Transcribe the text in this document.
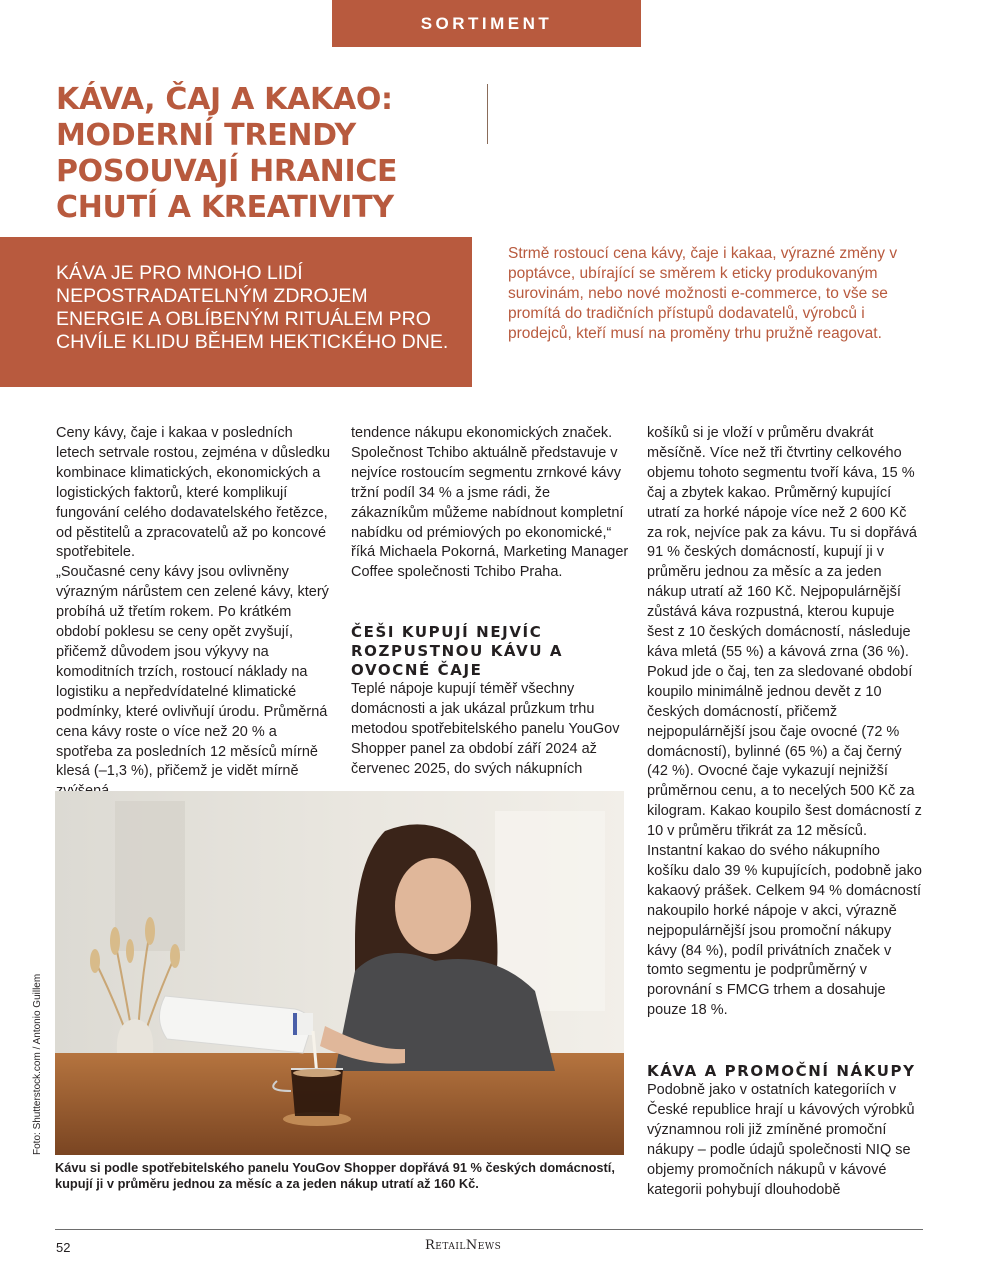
SORTIMENT
KÁVA, ČAJ A KAKAO: MODERNÍ TRENDY POSOUVAJÍ HRANICE CHUTÍ A KREATIVITY

KÁVA JE PRO MNOHO LIDÍ NEPOSTRADATELNÝM ZDROJEM ENERGIE A OBLÍBENÝM RITUÁLEM PRO CHVÍLE KLIDU BĚHEM HEKTICKÉHO DNE.

Strmě rostoucí cena kávy, čaje i kakaa, výrazné změny v poptávce, ubírající se směrem k eticky produkovaným surovinám, nebo nové možnosti e-commerce, to vše se promítá do tradičních přístupů dodavatelů, výrobců i prodejců, kteří musí na proměny trhu pružně reagovat.

Ceny kávy, čaje i kakaa v posledních letech setrvale rostou, zejména v důsledku kombinace klimatických, ekonomických a logistických faktorů, které komplikují fungování celého dodavatelského řetězce, od pěstitelů a zpracovatelů až po koncové spotřebitele.

„Současné ceny kávy jsou ovlivněny výrazným nárůstem cen zelené kávy, který probíhá už třetím rokem. Po krátkém období poklesu se ceny opět zvyšují, přičemž důvodem jsou výkyvy na komoditních trzích, rostoucí náklady na logistiku a nepředvídatelné klimatické podmínky, které ovlivňují úrodu. Průměrná cena kávy roste o více než 20 % a spotřeba za posledních 12 měsíců mírně klesá (–1,3 %), přičemž je vidět mírně

tendence nákupu ekonomických značek. Společnost Tchibo aktuálně představuje v nejvíce rostoucím segmentu zrnkové kávy tržní podíl 34 % a jsme rádi, že zákazníkům můžeme nabídnout kompletní nabídku od prémiových po ekonomické,“ říká Michaela Pokorná, Marketing Manager Coffee společnosti Tchibo Praha.

ČEŠI KUPUJÍ NEJVÍC ROZPUSTNOU KÁVU A OVOCNÉ ČAJE

Teplé nápoje kupují téměř všechny domácnosti a jak ukázal průzkum trhu metodou spotřebitelského panelu YouGov Shopper panel za období září 2024 až červenec 2025, do svých nákupních

košíků si je vloží v průměru dvakrát měsíčně. Více než tři čtvrtiny celkového objemu tohoto segmentu tvoří káva, 15 % čaj a zbytek kakao. Průměrný kupující utratí za horké nápoje více než 2 600 Kč za rok, nejvíce pak za kávu. Tu si dopřává 91 % českých domácností, kupují ji v průměru jednou za měsíc a za jeden nákup utratí až 160 Kč. Nejpopulárnější zůstává káva rozpustná, kterou kupuje šest z 10 českých domácností, následuje káva mletá (55 %) a kávová zrna (36 %). Pokud jde o čaj, ten za sledované období koupilo minimálně jednou devět z 10 českých domácností, přičemž nejpopulárnější jsou čaje ovocné (72 % domácností), bylinné (65 %) a čaj černý (42 %). Ovocné čaje vykazují nejnižší průměrnou cenu, a to necelých 500 Kč za kilogram. Kakao koupilo šest domácností z 10 v průměru třikrát za 12 měsíců. Instantní kakao do svého nákupního košíku dalo 39 % kupujících, podobně jako kakaový prášek. Celkem 94 % domácností nakoupilo horké nápoje v akci, výrazně nejpopulárnější jsou promoční nákupy kávy (84 %), podíl privátních značek v tomto segmentu je podprůměrný v porovnání s FMCG trhem a dosahuje pouze 18 %.

KÁVA A PROMOČNÍ NÁKUPY

Podobně jako v ostatních kategoriích v České republice hrají u kávových výrobků významnou roli již zmíněné promoční nákupy – podle údajů společnosti NIQ se objemy promočních nákupů v kávové kategorii pohybují dlouhodobě

Foto: Shutterstock.com / Antonio Guillem

Kávu si podle spotřebitelského panelu YouGov Shopper dopřává 91 % českých domácností, kupují ji v průměru jednou za měsíc a za jeden nákup utratí až 160 Kč.

52	RetailNews
